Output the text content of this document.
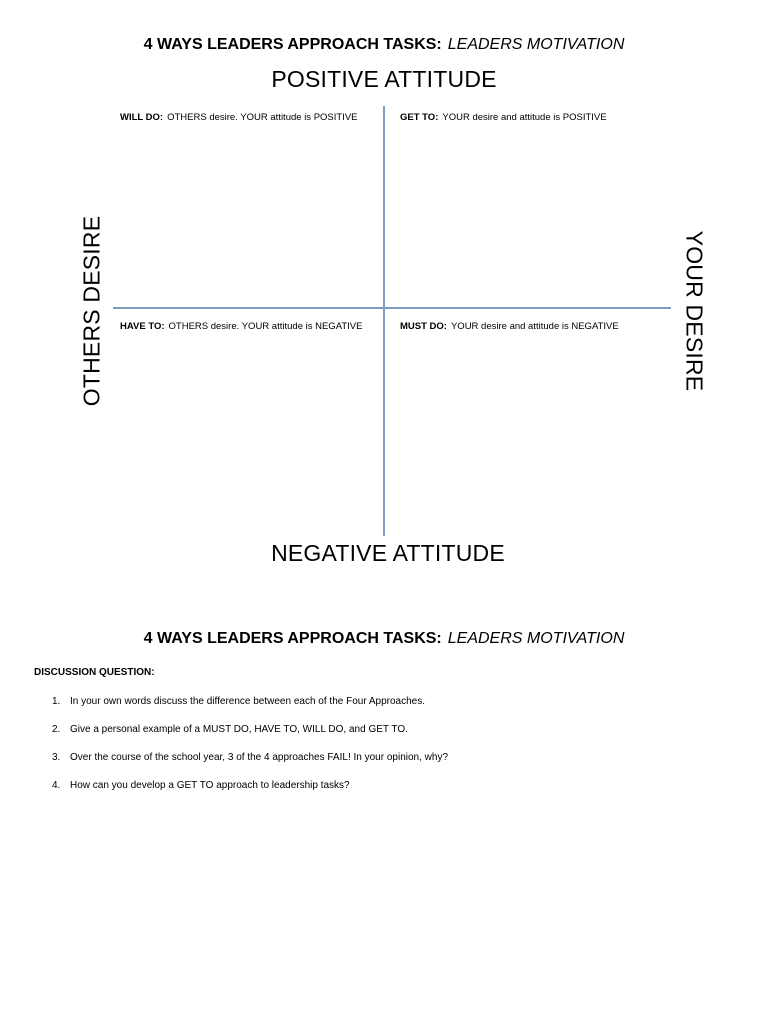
4 WAYS LEADERS APPROACH TASKS: LEADERS MOTIVATION
POSITIVE ATTITUDE
NEGATIVE ATTITUDE
OTHERS DESIRE	YOUR DESIRE
WILL DO: OTHERS desire. YOUR attitude is POSITIVE	GET TO: YOUR desire and attitude is POSITIVE
HAVE TO: OTHERS desire. YOUR attitude is NEGATIVE	MUST DO: YOUR desire and attitude is NEGATIVE
4 WAYS LEADERS APPROACH TASKS: LEADERS MOTIVATION
DISCUSSION QUESTION:
1. In your own words discuss the difference between each of the Four Approaches.
2. Give a personal example of a MUST DO, HAVE TO, WILL DO, and GET TO.
3. Over the course of the school year, 3 of the 4 approaches FAIL! In your opinion, why?
4. How can you develop a GET TO approach to leadership tasks?
